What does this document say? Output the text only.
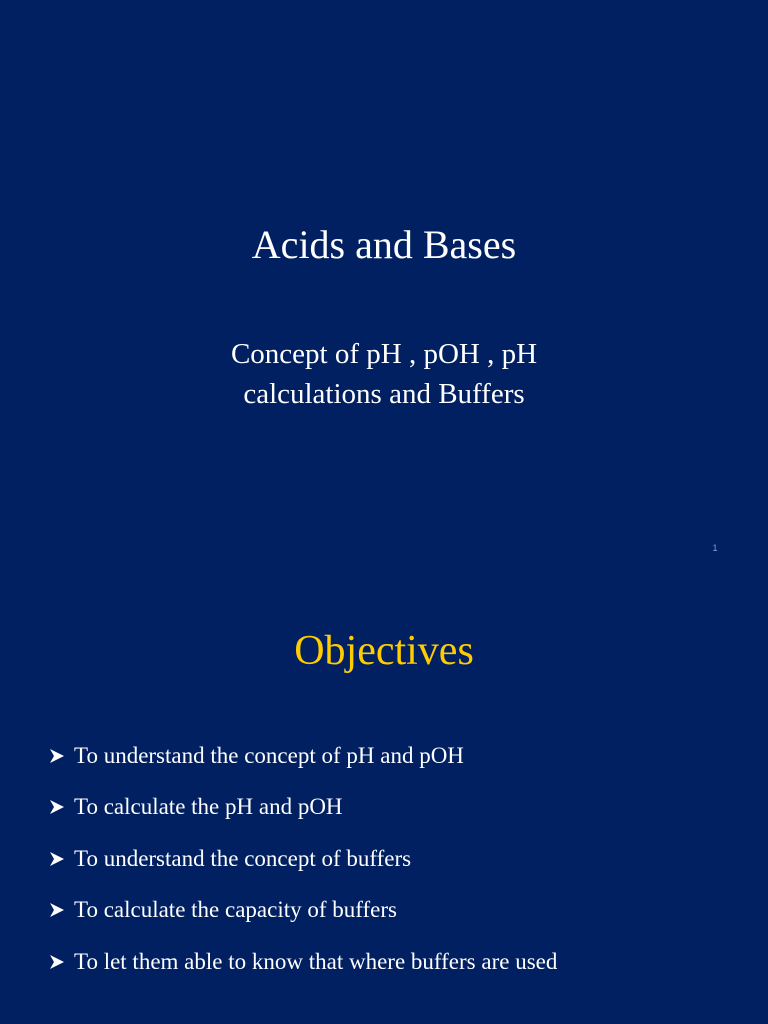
Acids and Bases
Concept of pH , pOH , pH
calculations and Buffers
1
Objectives
To understand the concept of pH and pOH
To calculate the pH and pOH
To understand the concept of buffers
To calculate the capacity of buffers
To let them able to know that where buffers are used
